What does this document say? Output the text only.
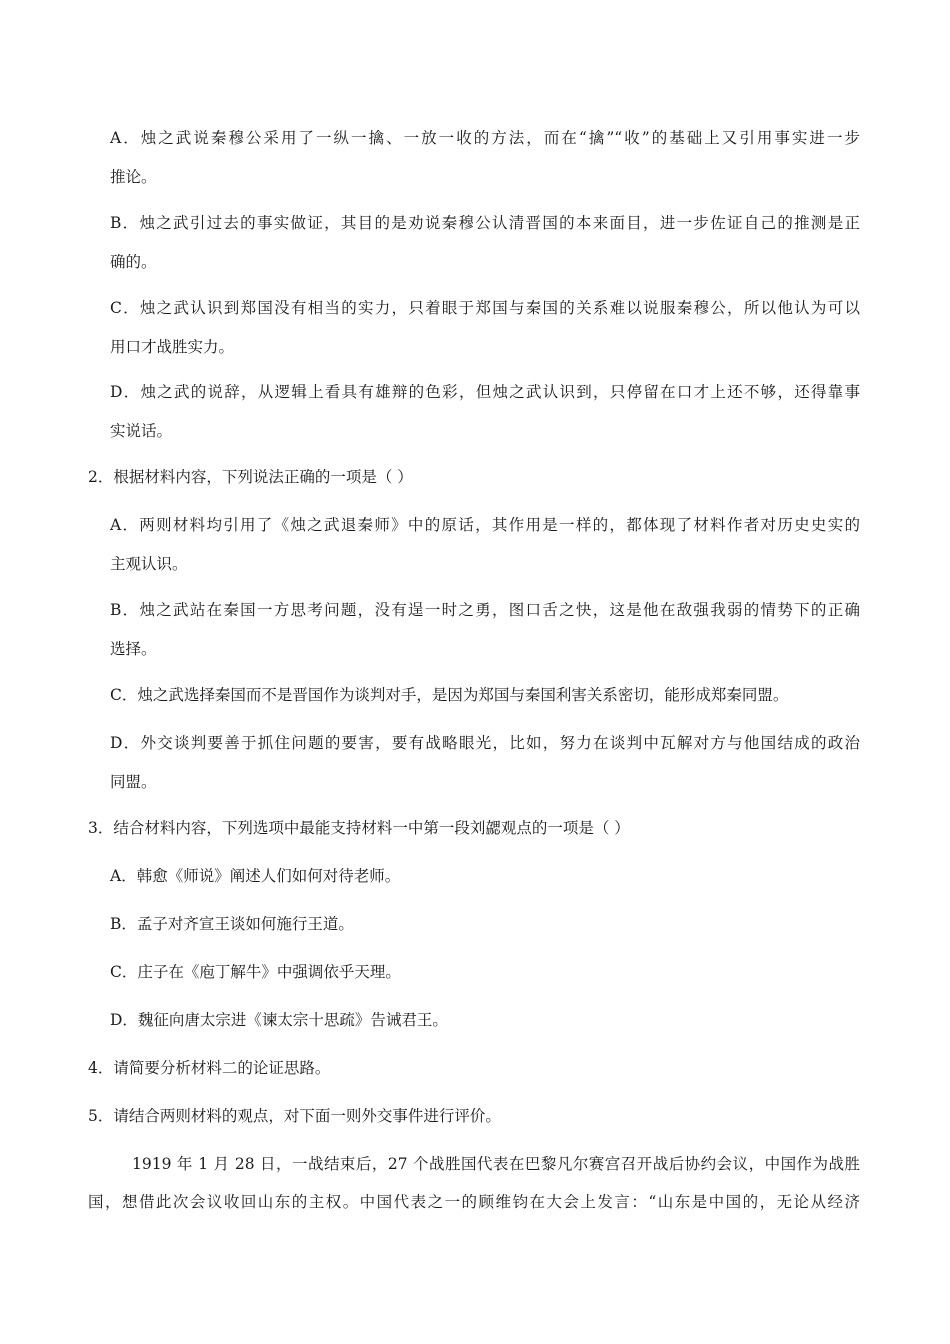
A．烛之武说秦穆公采用了一纵一擒、一放一收的方法，而在“擒”“收”的基础上又引用事实进一步
推论。
B．烛之武引过去的事实做证，其目的是劝说秦穆公认清晋国的本来面目，进一步佐证自己的推测是正
确的。
C．烛之武认识到郑国没有相当的实力，只着眼于郑国与秦国的关系难以说服秦穆公，所以他认为可以
用口才战胜实力。
D．烛之武的说辞，从逻辑上看具有雄辩的色彩，但烛之武认识到，只停留在口才上还不够，还得靠事
实说话。
2．根据材料内容，下列说法正确的一项是（ ）
A．两则材料均引用了《烛之武退秦师》中的原话，其作用是一样的，都体现了材料作者对历史史实的
主观认识。
B．烛之武站在秦国一方思考问题，没有逞一时之勇，图口舌之快，这是他在敌强我弱的情势下的正确
选择。
C．烛之武选择秦国而不是晋国作为谈判对手，是因为郑国与秦国利害关系密切，能形成郑秦同盟。
D．外交谈判要善于抓住问题的要害，要有战略眼光，比如，努力在谈判中瓦解对方与他国结成的政治
同盟。
3．结合材料内容，下列选项中最能支持材料一中第一段刘勰观点的一项是（ ）
A．韩愈《师说》阐述人们如何对待老师。
B．孟子对齐宣王谈如何施行王道。
C．庄子在《庖丁解牛》中强调依乎天理。
D．魏征向唐太宗进《谏太宗十思疏》告诫君王。
4．请简要分析材料二的论证思路。
5．请结合两则材料的观点，对下面一则外交事件进行评价。
1919 年 1 月 28 日，一战结束后，27 个战胜国代表在巴黎凡尔赛宫召开战后协约会议，中国作为战胜
国，想借此次会议收回山东的主权。中国代表之一的顾维钧在大会上发言：“山东是中国的，无论从经济
